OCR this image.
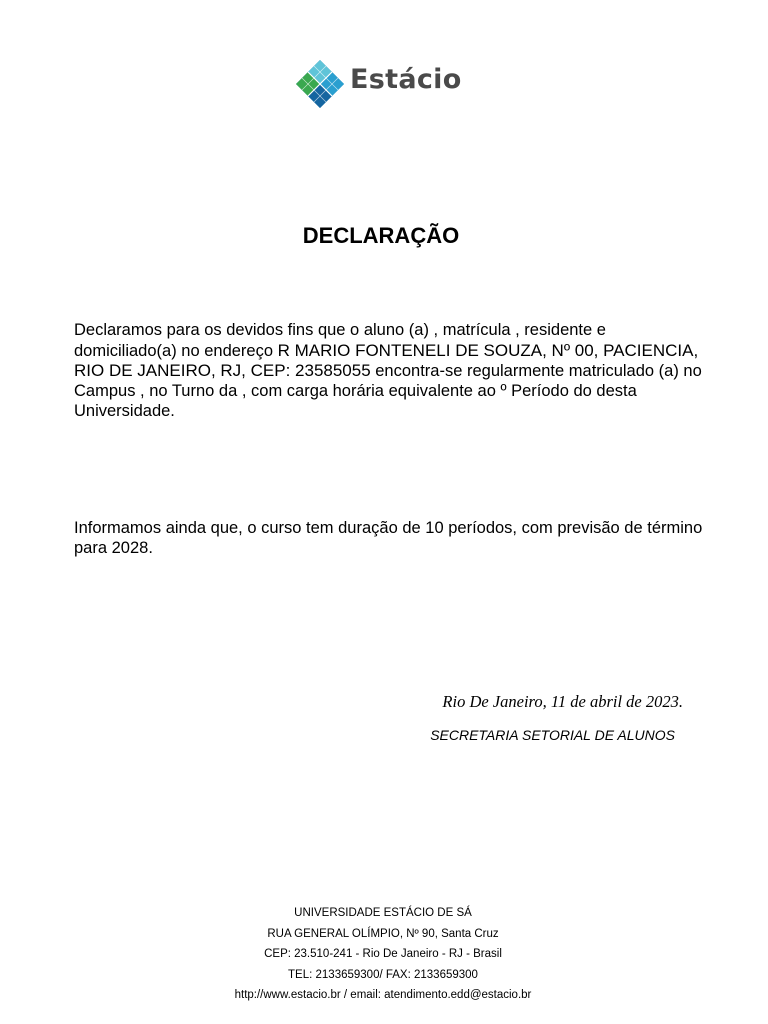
Estácio
DECLARAÇÃO

Declaramos para os devidos fins que o aluno (a) , matrícula , residente e domiciliado(a) no endereço R MARIO FONTENELI DE SOUZA, Nº 00, PACIENCIA, RIO DE JANEIRO, RJ, CEP: 23585055 encontra-se regularmente matriculado (a) no Campus , no Turno da , com carga horária equivalente ao º Período do desta Universidade.

Informamos ainda que, o curso tem duração de 10 períodos, com previsão de término para 2028.

Rio De Janeiro, 11 de abril de 2023.
SECRETARIA SETORIAL DE ALUNOS
UNIVERSIDADE ESTÁCIO DE SÁ
RUA GENERAL OLÍMPIO, Nº 90, Santa Cruz
CEP: 23.510-241 - Rio De Janeiro - RJ - Brasil
TEL: 2133659300/ FAX: 2133659300
http://www.estacio.br / email: atendimento.edd@estacio.br
